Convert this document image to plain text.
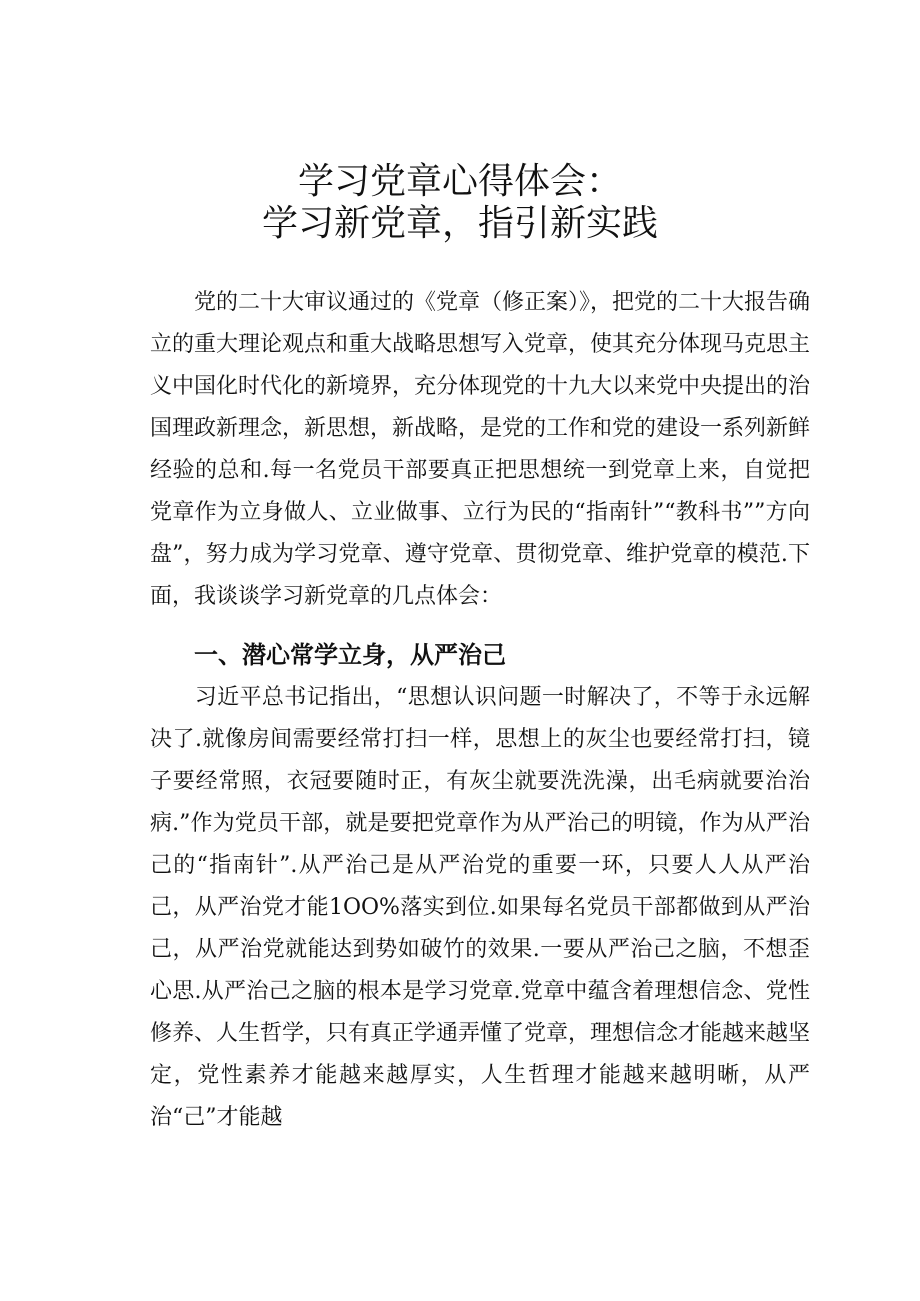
学习党章心得体会：
学习新党章，指引新实践
　　党的二十大审议通过的《党章（修正案）》，把党的二十大报告确立的重大理论观点和重大战略思想写入党章，使其充分体现马克思主义中国化时代化的新境界，充分体现党的十九大以来党中央提出的治国理政新理念，新思想，新战略，是党的工作和党的建设一系列新鲜经验的总和.每一名党员干部要真正把思想统一到党章上来，自觉把党章作为立身做人、立业做事、立行为民的“指南针”“教科书””方向盘”，努力成为学习党章、遵守党章、贯彻党章、维护党章的模范.下面，我谈谈学习新党章的几点体会：
一、潜心常学立身，从严治己
　　习近平总书记指出，“思想认识问题一时解决了，不等于永远解决了.就像房间需要经常打扫一样，思想上的灰尘也要经常打扫，镜子要经常照，衣冠要随时正，有灰尘就要洗洗澡，出毛病就要治治病.”作为党员干部，就是要把党章作为从严治己的明镜，作为从严治己的“指南针”.从严治己是从严治党的重要一环，只要人人从严治己，从严治党才能1OO%落实到位.如果每名党员干部都做到从严治己，从严治党就能达到势如破竹的效果.一要从严治己之脑，不想歪心思.从严治己之脑的根本是学习党章.党章中蕴含着理想信念、党性修养、人生哲学，只有真正学通弄懂了党章，理想信念才能越来越坚定，党性素养才能越来越厚实，人生哲理才能越来越明晰，从严治“己”才能越
